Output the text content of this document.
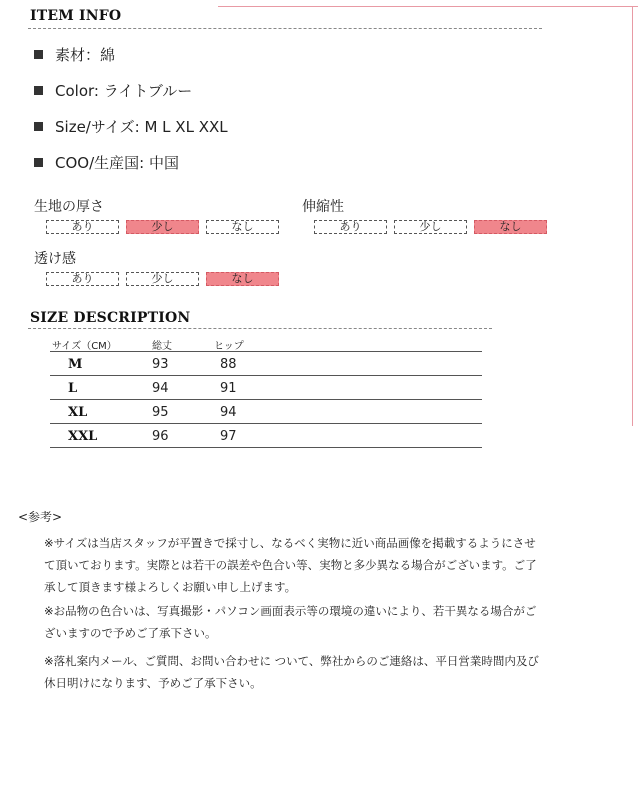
ITEM INFO
素材：綿
Color: ライトブルー
Size/サイズ: M L XL XXL
COO/生産国: 中国
生地の厚さ
あり	少し	なし
伸縮性
あり	少し	なし
透け感
あり	少し	なし
SIZE DESCRIPTION
サイズ（CM）	総丈	ヒップ
M	93	88
L	94	91
XL	95	94
XXL	96	97
<参考>
※サイズは当店スタッフが平置きで採寸し、なるべく実物に近い商品画像を掲載するようにさせて頂いております。実際とは若干の誤差や色合い等、実物と多少異なる場合がございます。ご了承して頂きます様よろしくお願い申し上げます。
※お品物の色合いは、写真撮影・パソコン画面表示等の環境の違いにより、若干異なる場合がございますので予めご了承下さい。
※落札案内メール、ご質問、お問い合わせに ついて、弊社からのご連絡は、平日営業時間内及び休日明けになります、予めご了承下さい。
